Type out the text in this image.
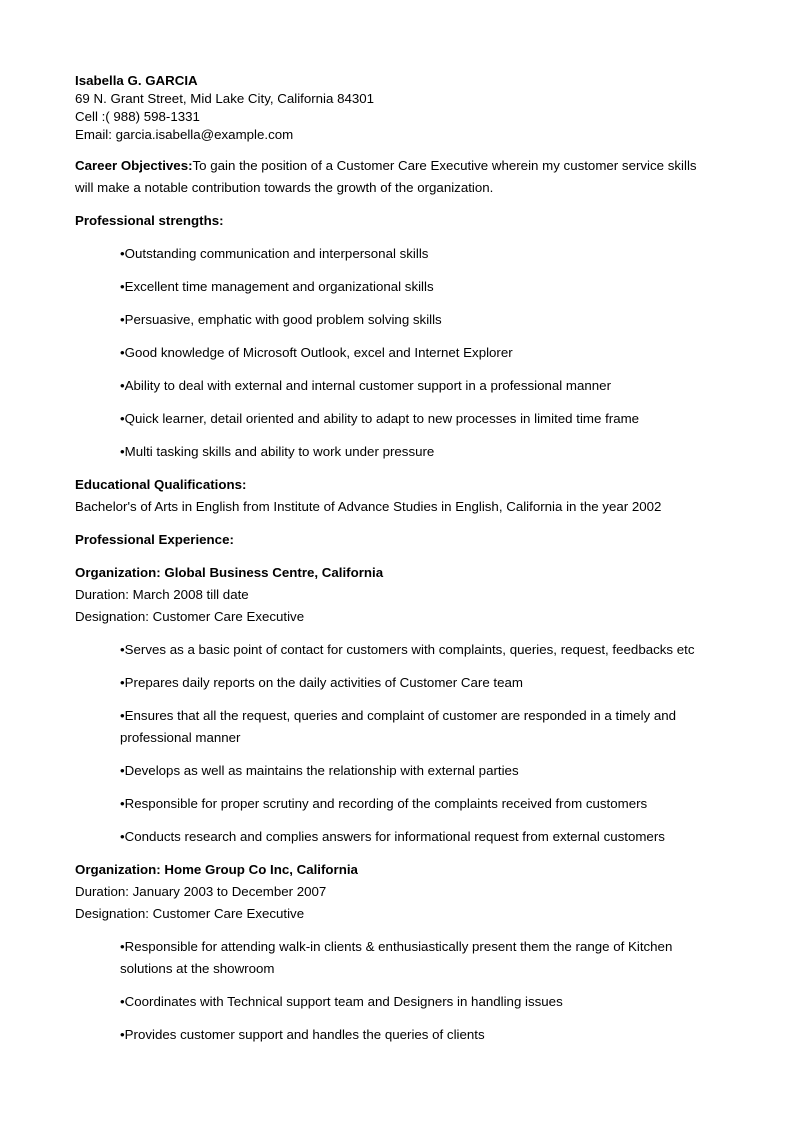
Isabella G. GARCIA
69 N. Grant Street, Mid Lake City, California 84301
Cell :( 988) 598-1331
Email: garcia.isabella@example.com

Career Objectives:To gain the position of a Customer Care Executive wherein my customer service skills will make a notable contribution towards the growth of the organization.

Professional strengths:
•Outstanding communication and interpersonal skills
•Excellent time management and organizational skills
•Persuasive, emphatic with good problem solving skills
•Good knowledge of Microsoft Outlook, excel and Internet Explorer
•Ability to deal with external and internal customer support in a professional manner
•Quick learner, detail oriented and ability to adapt to new processes in limited time frame
•Multi tasking skills and ability to work under pressure
Educational Qualifications:
Bachelor's of Arts in English from Institute of Advance Studies in English, California in the year 2002
Professional Experience:
Organization: Global Business Centre, California
Duration: March 2008 till date
Designation: Customer Care Executive
•Serves as a basic point of contact for customers with complaints, queries, request, feedbacks etc
•Prepares daily reports on the daily activities of Customer Care team
•Ensures that all the request, queries and complaint of customer are responded in a timely and professional manner
•Develops as well as maintains the relationship with external parties
•Responsible for proper scrutiny and recording of the complaints received from customers
•Conducts research and complies answers for informational request from external customers
Organization: Home Group Co Inc, California
Duration: January 2003 to December 2007
Designation: Customer Care Executive
•Responsible for attending walk-in clients & enthusiastically present them the range of Kitchen solutions at the showroom
•Coordinates with Technical support team and Designers in handling issues
•Provides customer support and handles the queries of clients
